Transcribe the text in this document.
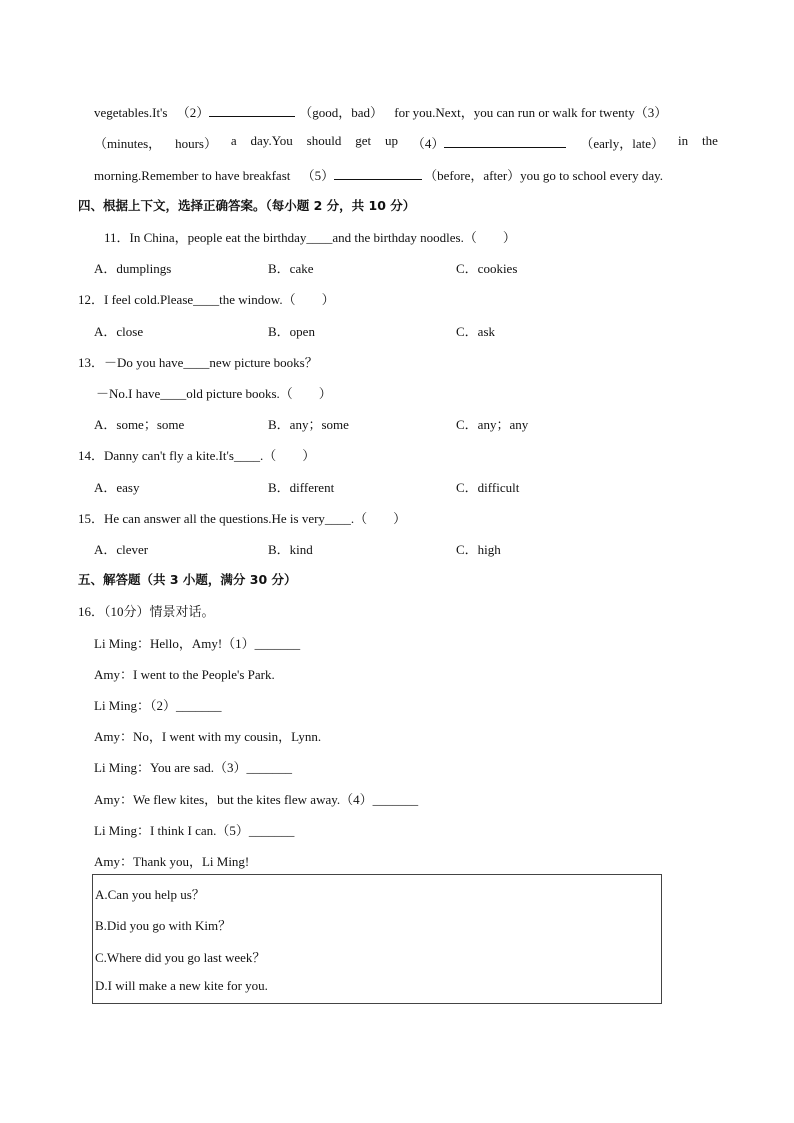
vegetables.It's （2）	（good，bad） for you.Next，you can run or walk for twenty（3）
（minutes， hours） a day.You should get up （4）	（early，late） in the
morning.Remember to have breakfast （5）	（before，after）you go to school every day.
四、根据上下文，选择正确答案。（每小题 2 分，共 10 分）
11．In China，people eat the birthday____and the birthday noodles.（　　）
A．dumplings	B．cake	C．cookies
12．I feel cold.Please____the window.（　　）
A．close	B．open	C．ask
13．－Do you have____new picture books？
－No.I have____old picture books.（　　）
A．some；some	B．any；some	C．any；any
14．Danny can't fly a kite.It's____.（　　）
A．easy	B．different	C．difficult
15．He can answer all the questions.He is very____.（　　）
A．clever	B．kind	C．high
五、解答题（共 3 小题，满分 30 分）
16．（10分）情景对话。
Li Ming：Hello，Amy!（1）_______
Amy：I went to the People's Park.
Li Ming：（2）_______
Amy：No，I went with my cousin，Lynn.
Li Ming：You are sad.（3）_______
Amy：We flew kites，but the kites flew away.（4）_______
Li Ming：I think I can.（5）_______
Amy：Thank you，Li Ming!
A.Can you help us？
B.Did you go with Kim？
C.Where did you go last week？
D.I will make a new kite for you.
